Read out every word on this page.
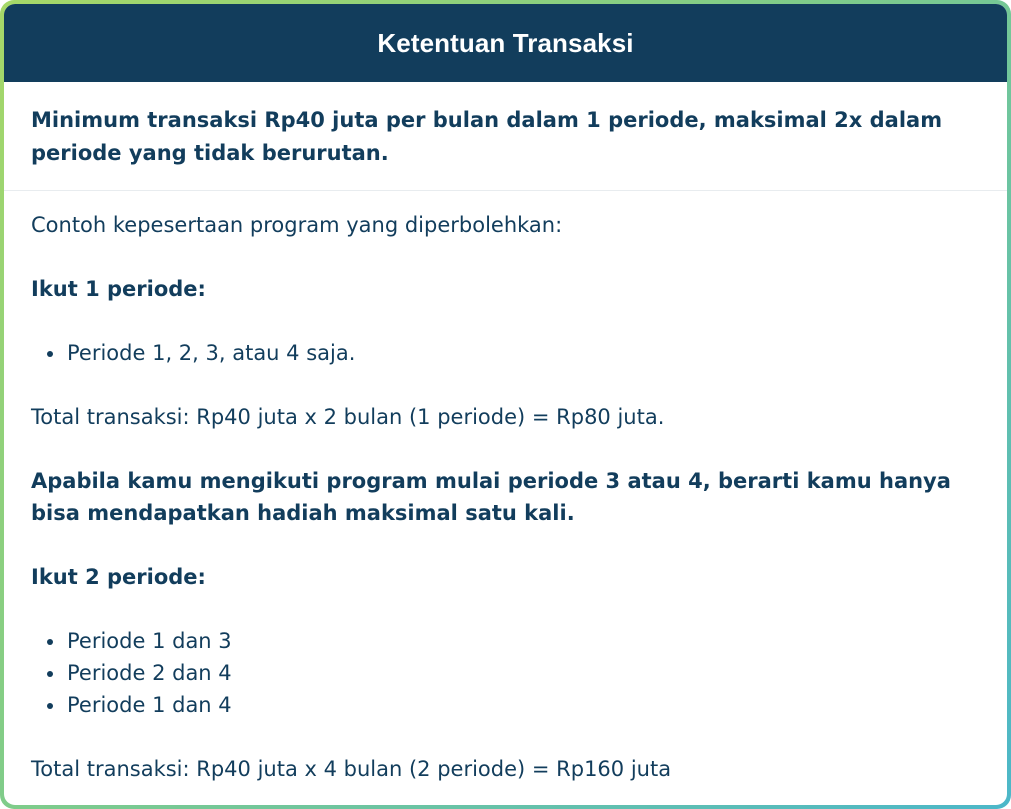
Ketentuan Transaksi
Minimum transaksi Rp40 juta per bulan dalam 1 periode, maksimal 2x dalam periode yang tidak berurutan.

Contoh kepesertaan program yang diperbolehkan:

Ikut 1 periode:

• Periode 1, 2, 3, atau 4 saja.

Total transaksi: Rp40 juta x 2 bulan (1 periode) = Rp80 juta.

Apabila kamu mengikuti program mulai periode 3 atau 4, berarti kamu hanya bisa mendapatkan hadiah maksimal satu kali.

Ikut 2 periode:

• Periode 1 dan 3
• Periode 2 dan 4
• Periode 1 dan 4

Total transaksi: Rp40 juta x 4 bulan (2 periode) = Rp160 juta
